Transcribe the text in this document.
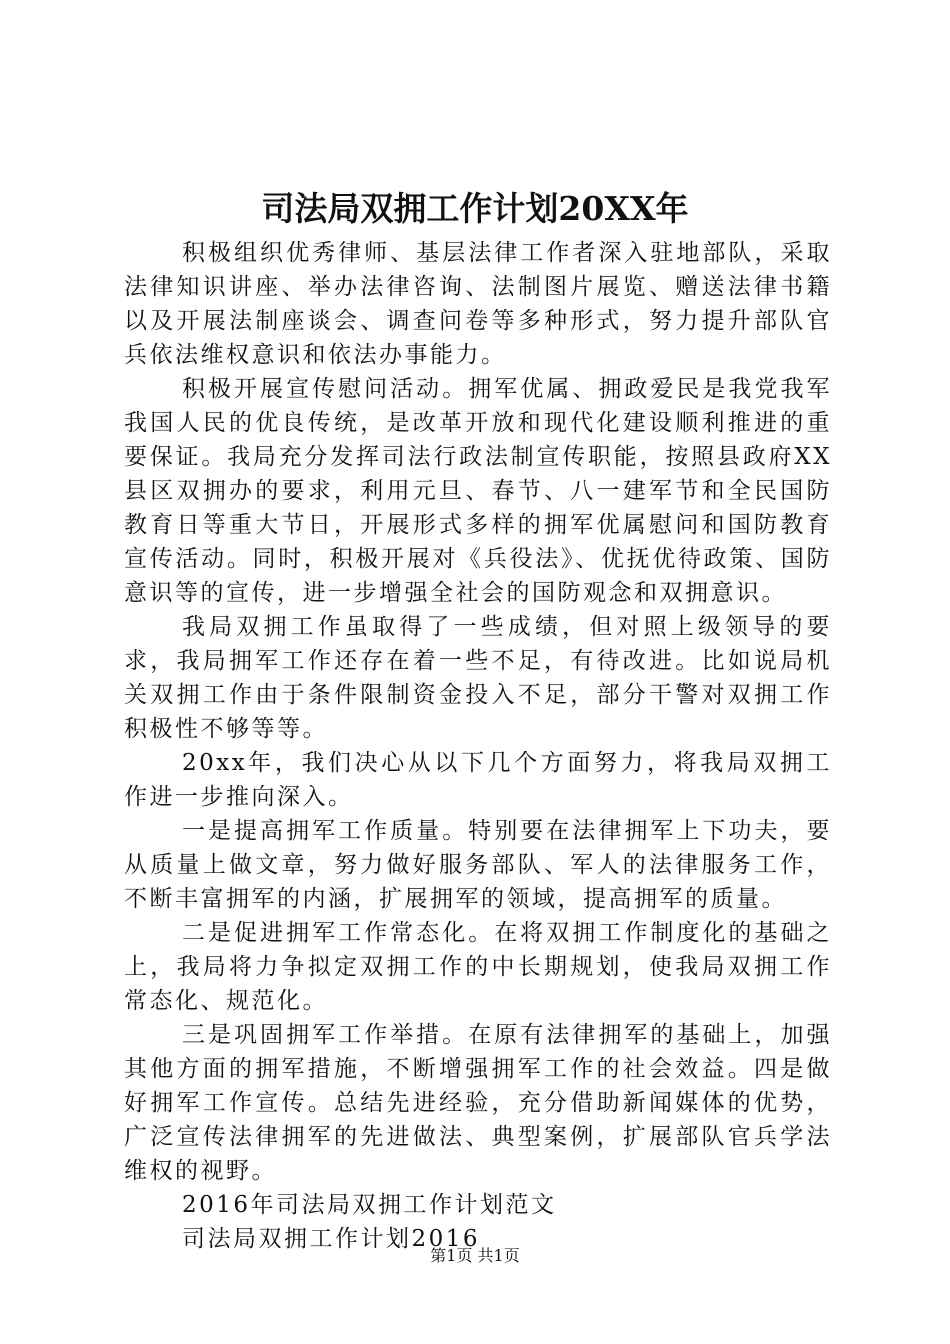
司法局双拥工作计划20XX年

积极组织优秀律师、基层法律工作者深入驻地部队，采取法律知识讲座、举办法律咨询、法制图片展览、赠送法律书籍以及开展法制座谈会、调查问卷等多种形式，努力提升部队官兵依法维权意识和依法办事能力。

积极开展宣传慰问活动。拥军优属、拥政爱民是我党我军我国人民的优良传统，是改革开放和现代化建设顺利推进的重要保证。我局充分发挥司法行政法制宣传职能，按照县政府XX县区双拥办的要求，利用元旦、春节、八一建军节和全民国防教育日等重大节日，开展形式多样的拥军优属慰问和国防教育宣传活动。同时，积极开展对《兵役法》、优抚优待政策、国防意识等的宣传，进一步增强全社会的国防观念和双拥意识。

我局双拥工作虽取得了一些成绩，但对照上级领导的要求，我局拥军工作还存在着一些不足，有待改进。比如说局机关双拥工作由于条件限制资金投入不足，部分干警对双拥工作积极性不够等等。

20xx年，我们决心从以下几个方面努力，将我局双拥工作进一步推向深入。

一是提高拥军工作质量。特别要在法律拥军上下功夫，要从质量上做文章，努力做好服务部队、军人的法律服务工作，不断丰富拥军的内涵，扩展拥军的领域，提高拥军的质量。

二是促进拥军工作常态化。在将双拥工作制度化的基础之上，我局将力争拟定双拥工作的中长期规划，使我局双拥工作常态化、规范化。

三是巩固拥军工作举措。在原有法律拥军的基础上，加强其他方面的拥军措施，不断增强拥军工作的社会效益。四是做好拥军工作宣传。总结先进经验，充分借助新闻媒体的优势，广泛宣传法律拥军的先进做法、典型案例，扩展部队官兵学法维权的视野。

2016年司法局双拥工作计划范文

司法局双拥工作计划2016

第1页 共1页
